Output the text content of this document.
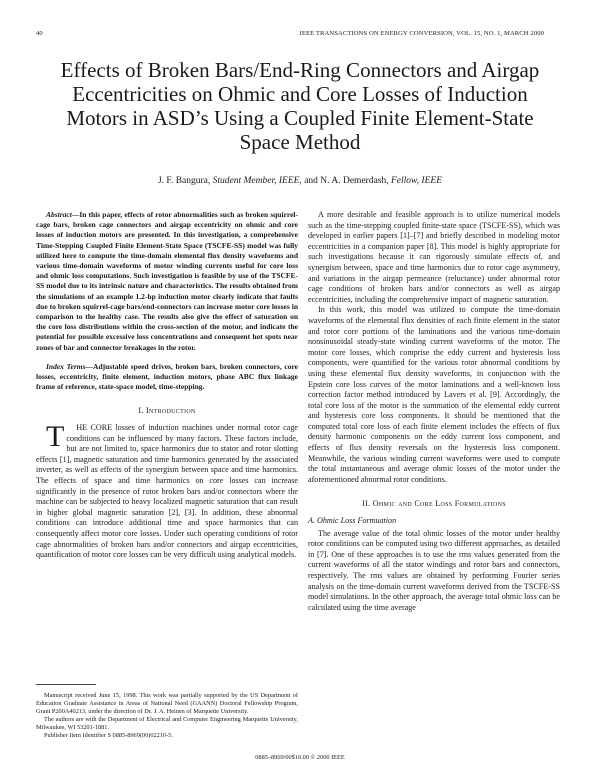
40	IEEE TRANSACTIONS ON ENERGY CONVERSION, VOL. 15, NO. 1, MARCH 2000
Effects of Broken Bars/End-Ring Connectors and Airgap Eccentricities on Ohmic and Core Losses of Induction Motors in ASD’s Using a Coupled Finite Element-State Space Method
J. F. Bangura, Student Member, IEEE, and N. A. Demerdash, Fellow, IEEE

Abstract—In this paper, effects of rotor abnormalities such as broken squirrel-cage bars, broken cage connectors and airgap eccentricity on ohmic and core losses of induction motors are presented. In this investigation, a comprehensive Time-Stepping Coupled Finite Element-State Space (TSCFE-SS) model was fully utilized here to compute the time-domain elemental flux density waveforms and various time-domain waveforms of motor winding currents useful for core loss and ohmic loss computations. Such investigation is feasible by use of the TSCFE-SS model due to its intrinsic nature and characteristics. The results obtained from the simulations of an example 1.2-hp induction motor clearly indicate that faults due to broken squirrel-cage bars/end-connectors can increase motor core losses in comparison to the healthy case. The results also give the effect of saturation on the core loss distributions within the cross-section of the motor, and indicate the potential for possible excessive loss concentrations and consequent hot spots near zones of bar and connector breakages in the rotor.

Index Terms—Adjustable speed drives, broken bars, broken connectors, core losses, eccentricity, finite element, induction motors, phase ABC flux linkage frame of reference, state-space model, time-stepping.

I. Introduction

T HE CORE losses of induction machines under normal rotor cage conditions can be influenced by many factors. These factors include, but are not limited to, space harmonics due to stator and rotor slotting effects [1], magnetic saturation and time harmonics generated by the associated inverter, as well as effects of the synergism between space and time harmonics. The effects of space and time harmonics on core losses can increase significantly in the presence of rotor broken bars and/or connectors where the machine can be subjected to heavy localized magnetic saturation that can result in higher global magnetic saturation [2], [3]. In addition, these abnormal conditions can introduce additional time and space harmonics that can consequently affect motor core losses. Under such operating conditions of rotor cage abnormalities of broken bars and/or connectors and airgap eccentricities, quantification of motor core losses can be very difficult using analytical models.

Manuscript received June 15, 1998. This work was partially supported by the US Department of Education Graduate Assistance in Areas of National Need (GAANN) Doctoral Fellowship Program, Grant P200A40213, under the direction of Dr. J. A. Heinen of Marquette University.

The authors are with the Department of Electrical and Computer Engineering Marquette University, Milwaukee, WI 53201-1881.

Publisher Item Identifier S 0885-8969(00)02210-5.

A more desirable and feasible approach is to utilize numerical models such as the time-stepping coupled finite-state space (TSCFE-SS), which was developed in earlier papers [1]–[7] and briefly described in modeling motor eccentricities in a companion paper [8]. This model is highly appropriate for such investigations because it can rigorously simulate effects of, and synergism between, space and time harmonics due to rotor cage asymmetry, and variations in the airgap permeance (reluctance) under abnormal rotor cage conditions of broken bars and/or connectors as well as airgap eccentricities, including the comprehensive impact of magnetic saturation.

In this work, this model was utilized to compute the time-domain waveforms of the elemental flux densities of each finite element in the stator and rotor core portions of the laminations and the various time-domain nonsinusoidal steady-state winding current waveforms of the motor. The motor core losses, which comprise the eddy current and hysteresis loss components, were quantified for the various rotor abnormal conditions by using these elemental flux density waveforms, in conjunction with the Epstein core loss curves of the motor laminations and a well-known loss correction factor method introduced by Lavers et al. [9]. Accordingly, the total core loss of the motor is the summation of the elemental eddy current and hysteresis core loss components. It should be mentioned that the computed total core loss of each finite element includes the effects of flux density harmonic components on the eddy current loss component, and effects of flux density reversals on the hysteresis loss component. Meanwhile, the various winding current waveforms were used to compute the total instantaneous and average ohmic losses of the motor under the aforementioned abnormal rotor conditions.

II. Ohmic and Core Loss Formulations
A. Ohmic Loss Formuation

The average value of the total ohmic losses of the motor under healthy rotor conditions can be computed using two different approaches, as detailed in [7]. One of these approaches is to use the rms values generated from the current waveforms of all the stator windings and rotor bars and connectors, respectively. The rms values are obtained by performing Fourier series analysis on the time-domain current waveforms derived from the TSCFE-SS model simulations. In the other approach, the average total ohmic loss can be calculated using the time average

0885–8969/00$10.00 © 2000 IEEE
